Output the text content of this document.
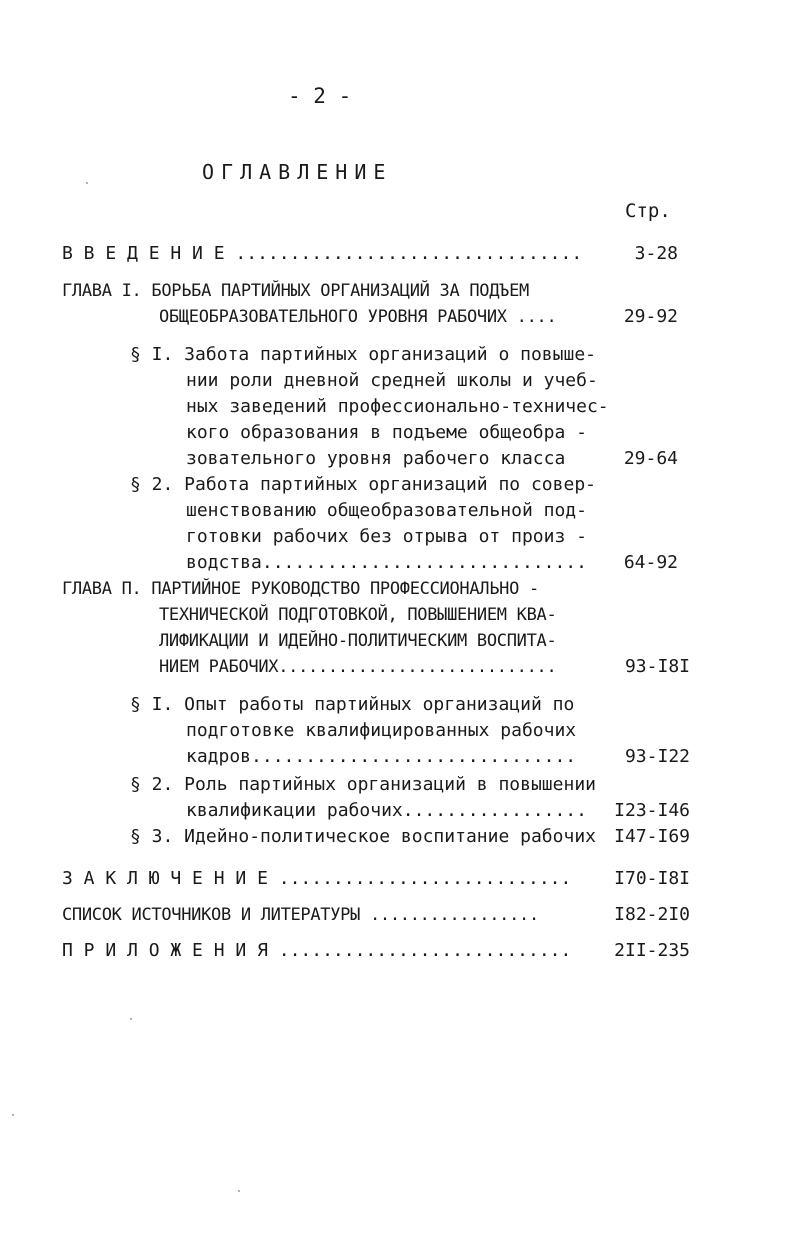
- 2 -
ОГЛАВЛЕНИЕ
Стр.
В В Е Д Е Н И Е ................................	3-28
ГЛАВА I. БОРЬБА ПАРТИЙНЫХ ОРГАНИЗАЦИЙ ЗА ПОДЪЕМ
ОБЩЕОБРАЗОВАТЕЛЬНОГО УРОВНЯ РАБОЧИХ ....	29-92
§ I. Забота партийных организаций о повыше-
нии роли дневной средней школы и учеб-
ных заведений профессионально-техничес-
кого образования в подъеме общеобра -
зовательного уровня рабочего класса	29-64
§ 2. Работа партийных организаций по совер-
шенствованию общеобразовательной под-
готовки рабочих без отрыва от произ -
водства.............................. 64-92
ГЛАВА П. ПАРТИЙНОЕ РУКОВОДСТВО ПРОФЕССИОНАЛЬНО -
ТЕХНИЧЕСКОЙ ПОДГОТОВКОЙ, ПОВЫШЕНИЕМ КВА-
ЛИФИКАЦИИ И ИДЕЙНО-ПОЛИТИЧЕСКИМ ВОСПИТА-
НИЕМ РАБОЧИХ............................	93-I8I
§ I. Опыт работы партийных организаций по
подготовке квалифицированных рабочих
кадров..............................	93-I22
§ 2. Роль партийных организаций в повышении
квалификации рабочих................. I23-I46
§ 3. Идейно-политическое воспитание рабочих I47-I69
З А К Л Ю Ч Е Н И Е ........................... I70-I8I
СПИСОК ИСТОЧНИКОВ И ЛИТЕРАТУРЫ .................	I82-2I0
П Р И Л О Ж Е Н И Я ........................... 2II-235
